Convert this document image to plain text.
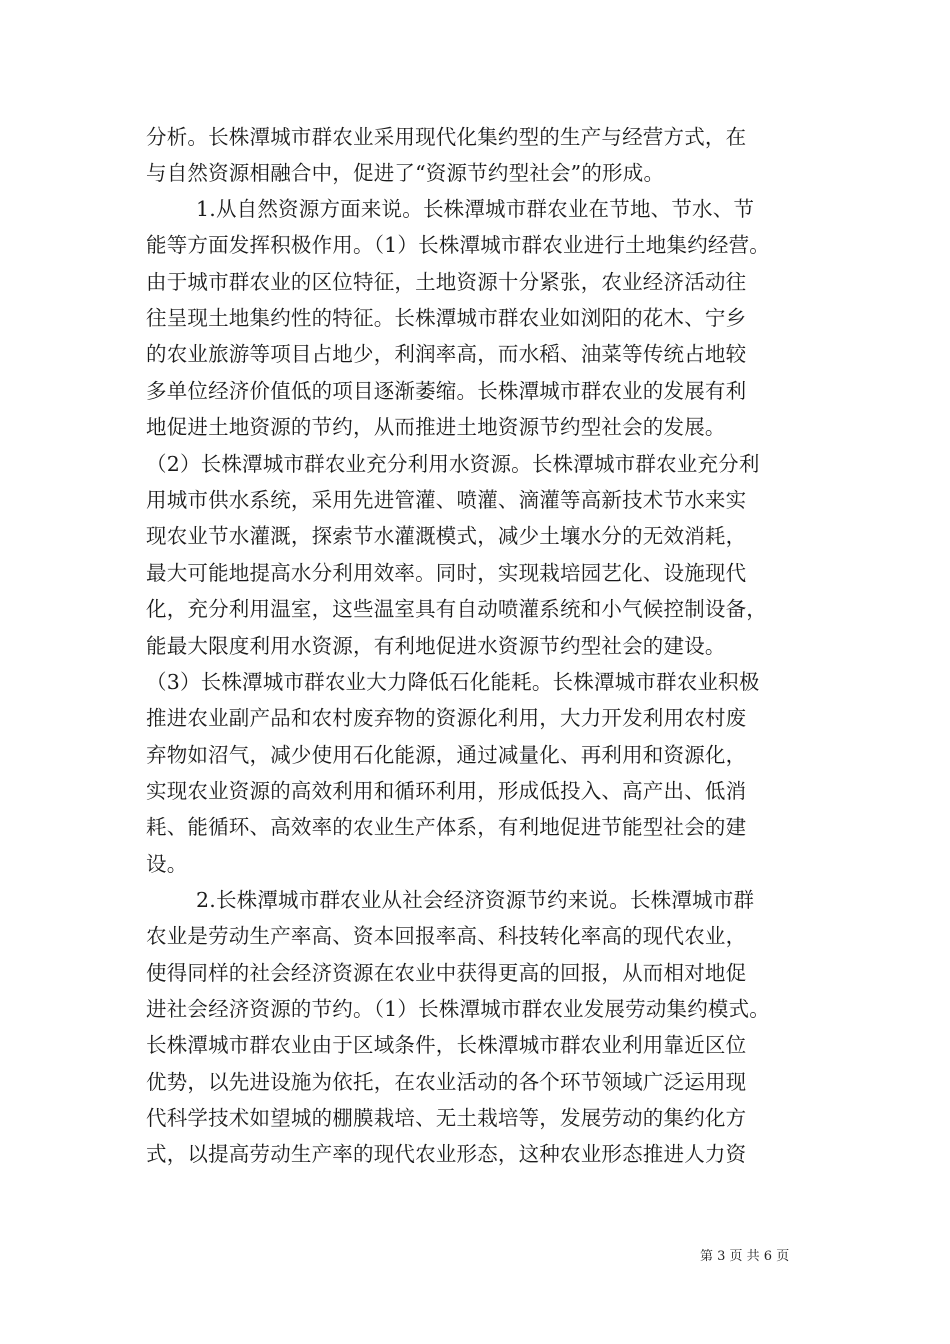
分析。长株潭城市群农业采用现代化集约型的生产与经营方式，在
与自然资源相融合中，促进了“资源节约型社会”的形成。
1.从自然资源方面来说。长株潭城市群农业在节地、节水、节
能等方面发挥积极作用。（1）长株潭城市群农业进行土地集约经营。
由于城市群农业的区位特征，土地资源十分紧张，农业经济活动往
往呈现土地集约性的特征。长株潭城市群农业如浏阳的花木、宁乡
的农业旅游等项目占地少，利润率高，而水稻、油菜等传统占地较
多单位经济价值低的项目逐渐萎缩。长株潭城市群农业的发展有利
地促进土地资源的节约，从而推进土地资源节约型社会的发展。
（2）长株潭城市群农业充分利用水资源。长株潭城市群农业充分利
用城市供水系统，采用先进管灌、喷灌、滴灌等高新技术节水来实
现农业节水灌溉，探索节水灌溉模式，减少土壤水分的无效消耗，
最大可能地提高水分利用效率。同时，实现栽培园艺化、设施现代
化，充分利用温室，这些温室具有自动喷灌系统和小气候控制设备，
能最大限度利用水资源，有利地促进水资源节约型社会的建设。
（3）长株潭城市群农业大力降低石化能耗。长株潭城市群农业积极
推进农业副产品和农村废弃物的资源化利用，大力开发利用农村废
弃物如沼气，减少使用石化能源，通过减量化、再利用和资源化，
实现农业资源的高效利用和循环利用，形成低投入、高产出、低消
耗、能循环、高效率的农业生产体系，有利地促进节能型社会的建
设。
2.长株潭城市群农业从社会经济资源节约来说。长株潭城市群
农业是劳动生产率高、资本回报率高、科技转化率高的现代农业，
使得同样的社会经济资源在农业中获得更高的回报，从而相对地促
进社会经济资源的节约。（1）长株潭城市群农业发展劳动集约模式。
长株潭城市群农业由于区域条件，长株潭城市群农业利用靠近区位
优势，以先进设施为依托，在农业活动的各个环节领域广泛运用现
代科学技术如望城的棚膜栽培、无土栽培等，发展劳动的集约化方
式，以提高劳动生产率的现代农业形态，这种农业形态推进人力资
第 3 页 共 6 页
